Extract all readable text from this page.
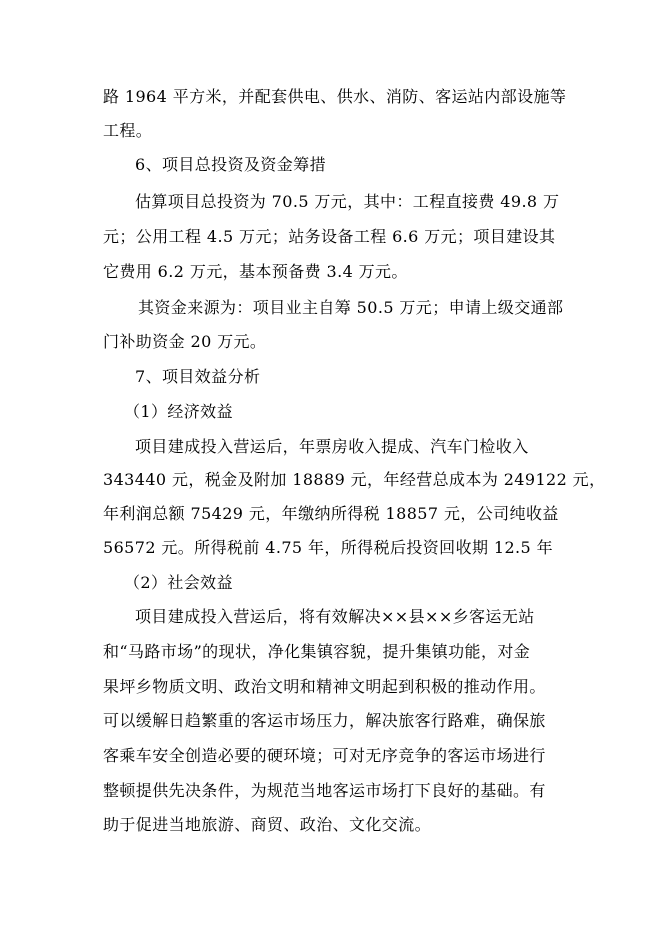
路 1964 平方米，并配套供电、供水、消防、客运站内部设施等
工程。
6、项目总投资及资金筹措
估算项目总投资为 70.5 万元，其中：工程直接费 49.8 万
元；公用工程 4.5 万元；站务设备工程 6.6 万元；项目建设其
它费用 6.2 万元，基本预备费 3.4 万元。
其资金来源为：项目业主自筹 50.5 万元；申请上级交通部
门补助资金 20 万元。
7、项目效益分析
（1）经济效益
项目建成投入营运后，年票房收入提成、汽车门检收入
343440 元，税金及附加 18889 元，年经营总成本为 249122 元，
年利润总额 75429 元，年缴纳所得税 18857 元，公司纯收益
56572 元。所得税前 4.75 年，所得税后投资回收期 12.5 年
（2）社会效益
项目建成投入营运后，将有效解决××县××乡客运无站
和“马路市场”的现状，净化集镇容貌，提升集镇功能，对金
果坪乡物质文明、政治文明和精神文明起到积极的推动作用。
可以缓解日趋繁重的客运市场压力，解决旅客行路难，确保旅
客乘车安全创造必要的硬环境；可对无序竞争的客运市场进行
整顿提供先决条件，为规范当地客运市场打下良好的基础。有
助于促进当地旅游、商贸、政治、文化交流。
